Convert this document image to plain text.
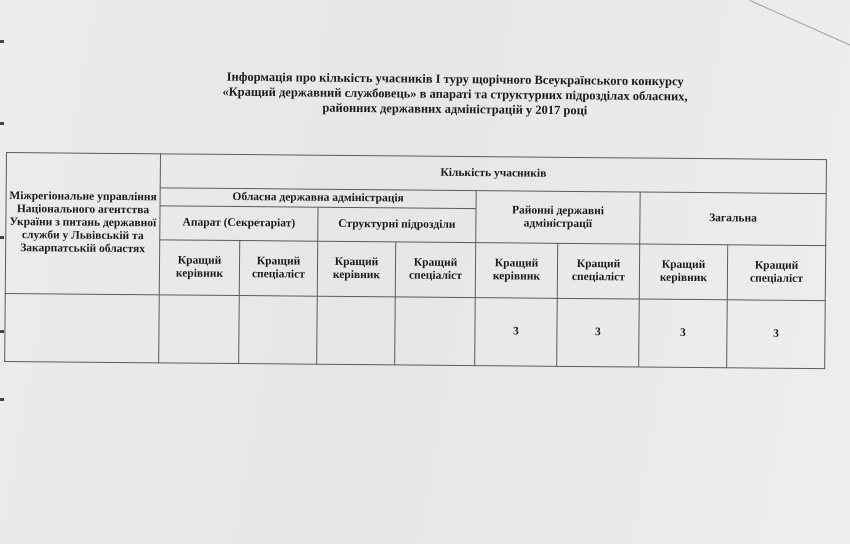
Інформація про кількість учасників І туру щорічного Всеукраїнського конкурсу
«Кращий державний службовець» в апараті та структурних підрозділах обласних,
районних державних адміністрацій у 2017 році
Міжрегіональне управління Національного агентства України з питань державної служби у Львівській та Закарпатській областях	Кількість учасників							
	Обласна державна адміністрація				Районні державні адміністрації		Загальна	
	Апарат (Секретаріат)		Структурні підрозділи					
	Кращий керівник	Кращий спеціаліст	Кращий керівник	Кращий спеціаліст	Кращий керівник	Кращий спеціаліст	Кращий керівник	Кращий спеціаліст
					3	3	3	3
